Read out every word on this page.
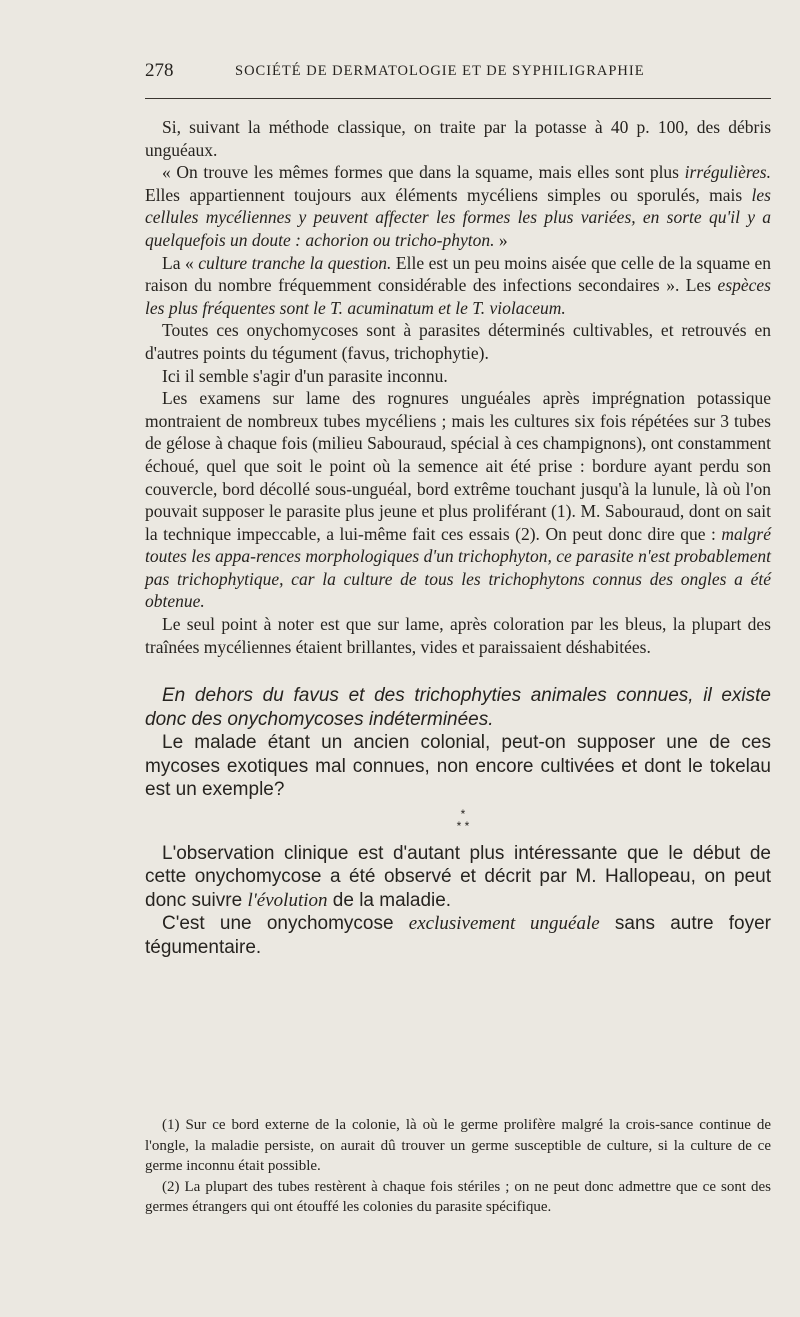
278	SOCIÉTÉ DE DERMATOLOGIE ET DE SYPHILIGRAPHIE

Si, suivant la méthode classique, on traite par la potasse à 40 p. 100, des débris unguéaux.

« On trouve les mêmes formes que dans la squame, mais elles sont plus irrégulières. Elles appartiennent toujours aux éléments mycéliens simples ou sporulés, mais les cellules mycéliennes y peuvent affecter les formes les plus variées, en sorte qu'il y a quelquefois un doute : achorion ou tricho-phyton. »

La « culture tranche la question. Elle est un peu moins aisée que celle de la squame en raison du nombre fréquemment considérable des infections secondaires ». Les espèces les plus fréquentes sont le T. acuminatum et le T. violaceum.

Toutes ces onychomycoses sont à parasites déterminés cultivables, et retrouvés en d'autres points du tégument (favus, trichophytie).

Ici il semble s'agir d'un parasite inconnu.

Les examens sur lame des rognures unguéales après imprégnation potassique montraient de nombreux tubes mycéliens ; mais les cultures six fois répétées sur 3 tubes de gélose à chaque fois (milieu Sabouraud, spécial à ces champignons), ont constamment échoué, quel que soit le point où la semence ait été prise : bordure ayant perdu son couvercle, bord décollé sous-unguéal, bord extrême touchant jusqu'à la lunule, là où l'on pouvait supposer le parasite plus jeune et plus proliférant (1). M. Sabouraud, dont on sait la technique impeccable, a lui-même fait ces essais (2). On peut donc dire que : malgré toutes les appa-rences morphologiques d'un trichophyton, ce parasite n'est probablement pas trichophytique, car la culture de tous les trichophytons connus des ongles a été obtenue.

Le seul point à noter est que sur lame, après coloration par les bleus, la plupart des traînées mycéliennes étaient brillantes, vides et paraissaient déshabitées.

En dehors du favus et des trichophyties animales connues, il existe donc des onychomycoses indéterminées.

Le malade étant un ancien colonial, peut-on supposer une de ces mycoses exotiques mal connues, non encore cultivées et dont le tokelau est un exemple?

*
* *

L'observation clinique est d'autant plus intéressante que le début de cette onychomycose a été observé et décrit par M. Hallopeau, on peut donc suivre l'évolution de la maladie.

C'est une onychomycose exclusivement unguéale sans autre foyer tégumentaire.

(1) Sur ce bord externe de la colonie, là où le germe prolifère malgré la crois-sance continue de l'ongle, la maladie persiste, on aurait dû trouver un germe susceptible de culture, si la culture de ce germe inconnu était possible.

(2) La plupart des tubes restèrent à chaque fois stériles ; on ne peut donc admettre que ce sont des germes étrangers qui ont étouffé les colonies du parasite spécifique.
